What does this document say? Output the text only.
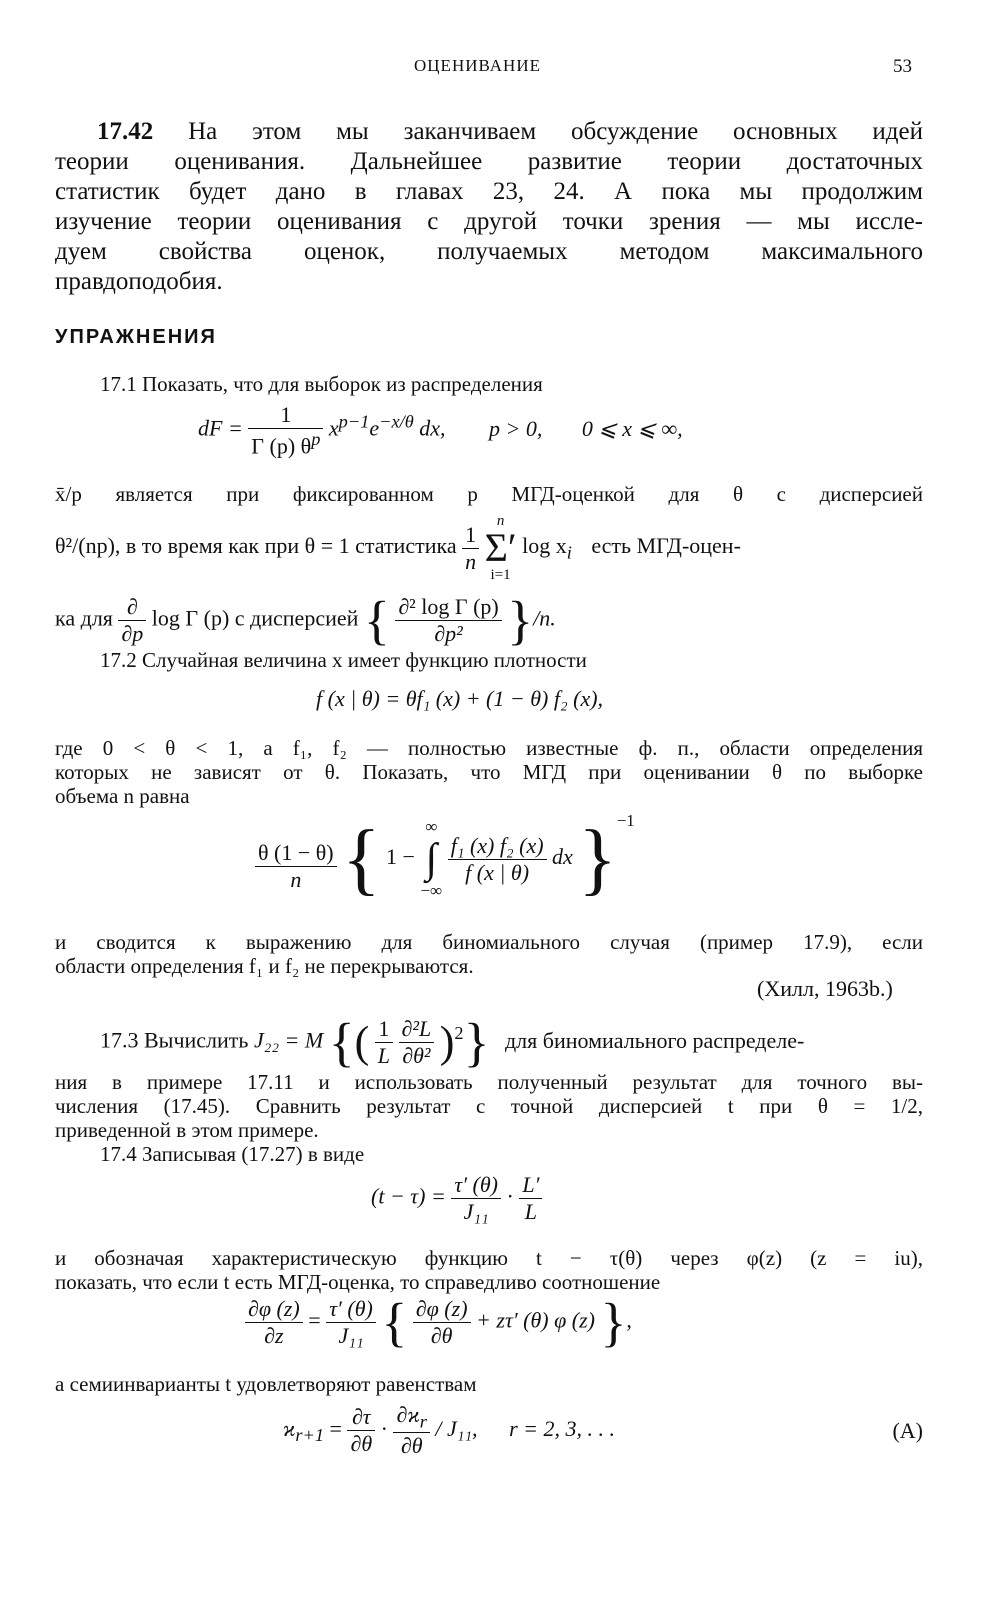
ОЦЕНИВАНИЕ	53
17.42 На этом мы заканчиваем обсуждение основных идей
теории оценивания. Дальнейшее развитие теории достаточных
статистик будет дано в главах 23, 24. А пока мы продолжим
изучение теории оценивания с другой точки зрения — мы иссле-
дуем свойства оценок, получаемых методом максимального
правдоподобия.
УПРАЖНЕНИЯ
17.1 Показать, что для выборок из распределения
dF = $\frac{1}{\Gamma (p) \theta^p} x^{p-1}e^{-x/\theta}$ dx, p > 0, 0 ⩽ x ⩽ ∞,
x̄/p является при фиксированном p МГД-оценкой для θ с дисперсией
θ²/(np), в то время как при θ = 1 статистика $\frac{1}{n}$

n
Σ′
i=1
$\log x_i$ есть МГД-оцен-
ка для $\frac{\partial}{\partial p}$ log Γ (p) с дисперсией { $\frac{\text{∂² log Γ (p)}}{\text{∂p²}} \}/n$.
17.2 Случайная величина x имеет функцию плотности
f (x | θ) = θf₁ (x) + (1 − θ) f₂ (x),
где 0 < θ < 1, а f₁, f₂ — полностью известные ф. п., области определения
которых не зависят от θ. Показать, что МГД при оценивании θ по выборке
объема n равна
$\frac{\theta (1 - \theta)}{n}$ { 1 −
∞
∫
−∞

$\frac{\text{f₁ (x) f₂ (x)}}{f (x | \theta)}$ dx }$^{-1}$
и сводится к выражению для биномиального случая (пример 17.9), если
области определения f₁ и f₂ не перекрываются.
(Хилл, 1963b.)
17.3 Вычислить J₂₂ = M {( $\frac{1}{L}$
$\frac{\text{∂²L}}{\text{∂θ²}} )^2$} для биномиального распределе-
ния в примере 17.11 и использовать полученный результат для точного вы-
числения (17.45). Сравнить результат с точной дисперсией t при θ = 1/2,
приведенной в этом примере.
17.4 Записывая (17.27) в виде
$(t - \tau) = \frac{\tau' (\theta)}{\text{J₁₁}} \cdot \frac{L'}{L}$
и обозначая характеристическую функцию t − τ(θ) через φ(z) (z = iu),
показать, что если t есть МГД-оценка, то справедливо соотношение
$\frac{\partial\varphi (z)}{\partial z} = \frac{\tau' (\theta)}{\text{J₁₁}}$ { $\frac{\partial\varphi (z)}{\partial\theta} + z\tau'$ (θ) φ (z) },
а семиинварианты t удовлетворяют равенствам
$ϰ_{r+1} = \frac{\partial\tau}{\partial\theta} \cdot \frac{\partial ϰ_r}{\partial\theta} / J_{11}$, r = 2, 3, . . .	(A)
